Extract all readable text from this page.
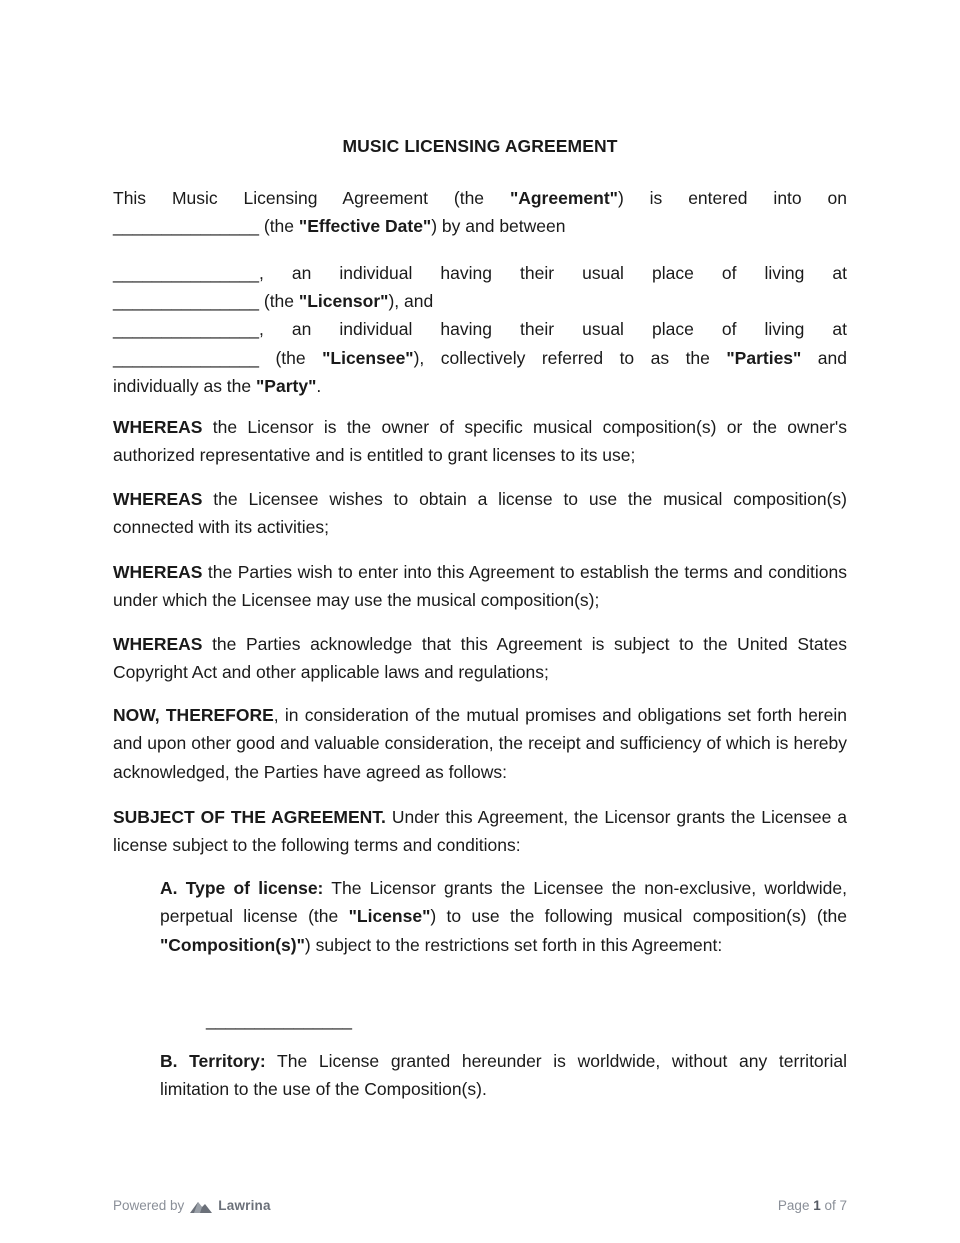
MUSIC LICENSING AGREEMENT
This Music Licensing Agreement (the "Agreement") is entered into on
_______________ (the "Effective Date") by and between
_______________, an individual having their usual place of living at
_______________ (the "Licensor"), and
_______________, an individual having their usual place of living at
_______________ (the "Licensee"), collectively referred to as the "Parties" and
individually as the "Party".
WHEREAS the Licensor is the owner of specific musical composition(s) or the owner's authorized representative and is entitled to grant licenses to its use;
WHEREAS the Licensee wishes to obtain a license to use the musical composition(s) connected with its activities;
WHEREAS the Parties wish to enter into this Agreement to establish the terms and conditions under which the Licensee may use the musical composition(s);
WHEREAS the Parties acknowledge that this Agreement is subject to the United States Copyright Act and other applicable laws and regulations;
NOW, THEREFORE, in consideration of the mutual promises and obligations set forth herein and upon other good and valuable consideration, the receipt and sufficiency of which is hereby acknowledged, the Parties have agreed as follows:
SUBJECT OF THE AGREEMENT. Under this Agreement, the Licensor grants the Licensee a license subject to the following terms and conditions:
A. Type of license: The Licensor grants the Licensee the non-exclusive, worldwide, perpetual license (the "License") to use the following musical composition(s) (the "Composition(s)") subject to the restrictions set forth in this Agreement:
_______________
B. Territory: The License granted hereunder is worldwide, without any territorial limitation to the use of the Composition(s).
Powered by	Lawrina	Page 1 of 7
